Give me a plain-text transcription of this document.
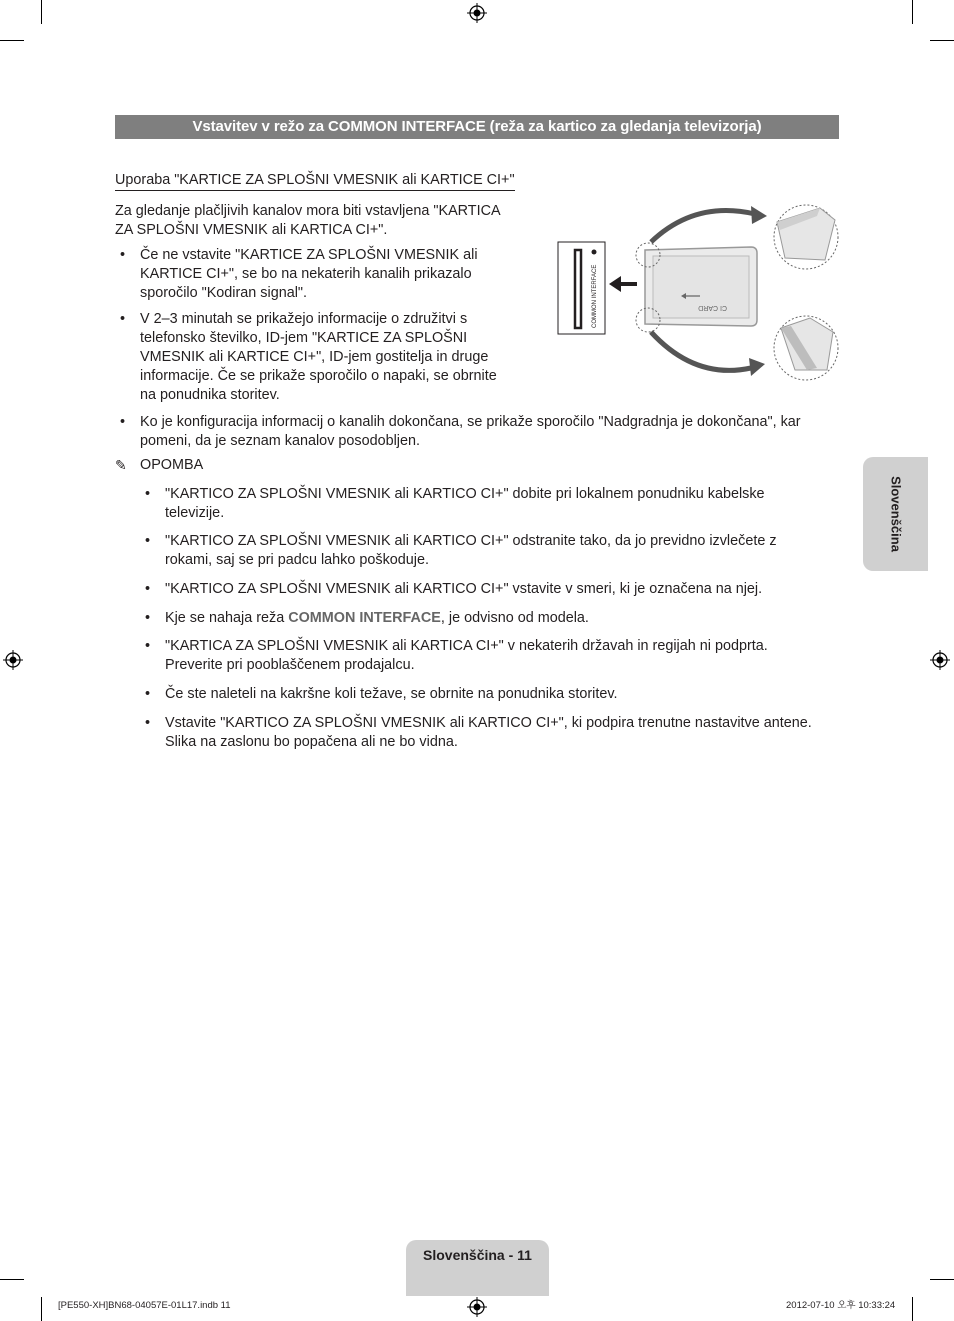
Vstavitev v režo za COMMON INTERFACE (reža za kartico za gledanja televizorja)
Uporaba "KARTICE ZA SPLOŠNI VMESNIK ali KARTICE CI+"
Za gledanje plačljivih kanalov mora biti vstavljena "KARTICA
ZA SPLOŠNI VMESNIK ali KARTICA CI+".
• Če ne vstavite "KARTICE ZA SPLOŠNI VMESNIK ali
KARTICE CI+", se bo na nekaterih kanalih prikazalo
sporočilo "Kodiran signal".
• V 2–3 minutah se prikažejo informacije o združitvi s
telefonsko številko, ID-jem "KARTICE ZA SPLOŠNI
VMESNIK ali KARTICE CI+", ID-jem gostitelja in druge
informacije. Če se prikaže sporočilo o napaki, se obrnite
na ponudnika storitev.
• Ko je konfiguracija informacij o kanalih dokončana, se prikaže sporočilo "Nadgradnja je dokončana", kar
pomeni, da je seznam kanalov posodobljen.
✎ OPOMBA
• "KARTICO ZA SPLOŠNI VMESNIK ali KARTICO CI+" dobite pri lokalnem ponudniku kabelske
televizije.
• "KARTICO ZA SPLOŠNI VMESNIK ali KARTICO CI+" odstranite tako, da jo previdno izvlečete z
rokami, saj se pri padcu lahko poškoduje.
• "KARTICO ZA SPLOŠNI VMESNIK ali KARTICO CI+" vstavite v smeri, ki je označena na njej.
• Kje se nahaja reža COMMON INTERFACE, je odvisno od modela.
• "KARTICA ZA SPLOŠNI VMESNIK ali KARTICA CI+" v nekaterih državah in regijah ni podprta.
Preverite pri pooblaščenem prodajalcu.
• Če ste naleteli na kakršne koli težave, se obrnite na ponudnika storitev.
• Vstavite "KARTICO ZA SPLOŠNI VMESNIK ali KARTICO CI+", ki podpira trenutne nastavitve antene.
Slika na zaslonu bo popačena ali ne bo vidna.
COMMON INTERFACE	CI CARD
Slovenščina
Slovenščina - 11
[PE550-XH]BN68-04057E-01L17.indb 11	2012-07-10 오후 10:33:24
